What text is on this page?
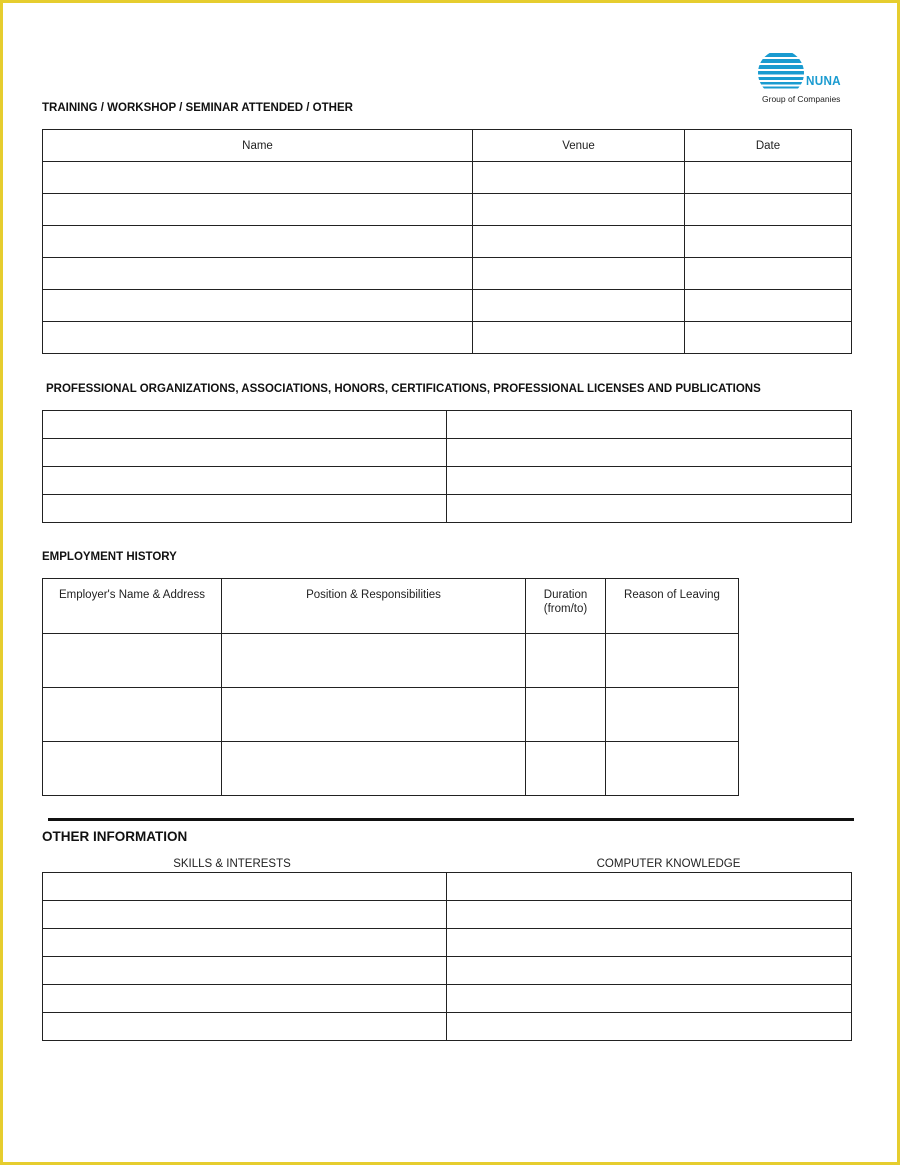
NUNA
Group of Companies
TRAINING / WORKSHOP / SEMINAR ATTENDED / OTHER
Name	Venue	Date

PROFESSIONAL ORGANIZATIONS, ASSOCIATIONS, HONORS, CERTIFICATIONS, PROFESSIONAL LICENSES AND PUBLICATIONS

EMPLOYMENT HISTORY
Employer's Name & Address	Position & Responsibilities	Duration (from/to)	Reason of Leaving

OTHER INFORMATION
SKILLS & INTERESTS	COMPUTER KNOWLEDGE
